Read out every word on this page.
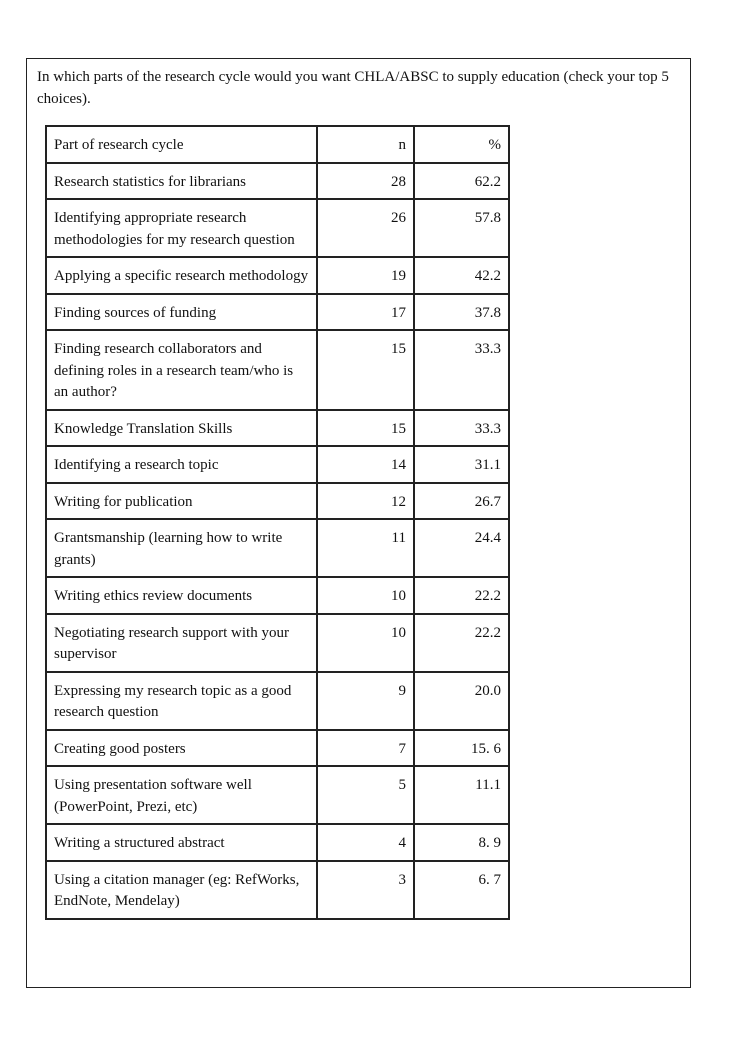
In which parts of the research cycle would you want CHLA/ABSC to supply education (check your top 5 choices).

Part of research cycle	n	%
Research statistics for librarians	28	62.2
Identifying appropriate research methodologies for my research question	26	57.8
Applying a specific research methodology	19	42.2
Finding sources of funding	17	37.8
Finding research collaborators and defining roles in a research team/who is an author?	15	33.3
Knowledge Translation Skills	15	33.3
Identifying a research topic	14	31.1
Writing for publication	12	26.7
Grantsmanship (learning how to write grants)	11	24.4
Writing ethics review documents	10	22.2
Negotiating research support with your supervisor	10	22.2
Expressing my research topic as a good research question	9	20.0
Creating good posters	7	15. 6
Using presentation software well (PowerPoint, Prezi, etc)	5	11.1
Writing a structured abstract	4	8. 9
Using a citation manager (eg: RefWorks, EndNote, Mendelay)	3	6. 7
